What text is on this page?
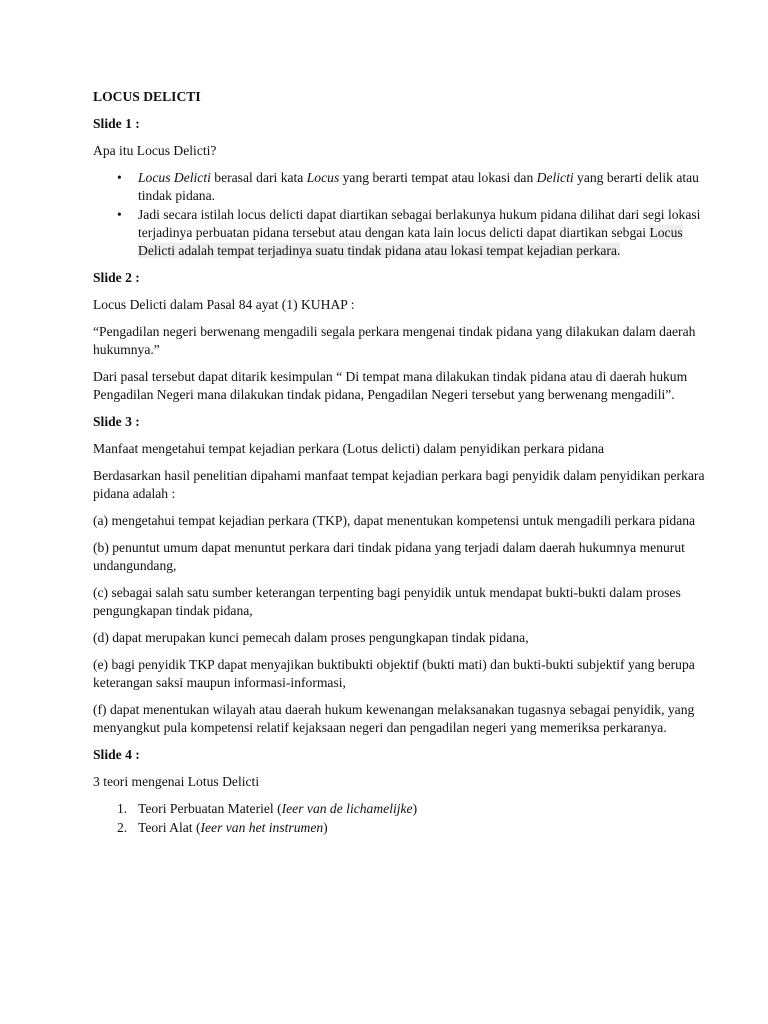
LOCUS DELICTI

Slide 1 :

Apa itu Locus Delicti?

• Locus Delicti berasal dari kata Locus yang berarti tempat atau lokasi dan Delicti yang berarti delik atau tindak pidana.
• Jadi secara istilah locus delicti dapat diartikan sebagai berlakunya hukum pidana dilihat dari segi lokasi terjadinya perbuatan pidana tersebut atau dengan kata lain locus delicti dapat diartikan sebgai Locus Delicti adalah tempat terjadinya suatu tindak pidana atau lokasi tempat kejadian perkara.

Slide 2 :

Locus Delicti dalam Pasal 84 ayat (1) KUHAP :

“Pengadilan negeri berwenang mengadili segala perkara mengenai tindak pidana yang dilakukan dalam daerah hukumnya.”

Dari pasal tersebut dapat ditarik kesimpulan “ Di tempat mana dilakukan tindak pidana atau di daerah hukum Pengadilan Negeri mana dilakukan tindak pidana, Pengadilan Negeri tersebut yang berwenang mengadili”.

Slide 3 :

Manfaat mengetahui tempat kejadian perkara (Lotus delicti) dalam penyidikan perkara pidana

Berdasarkan hasil penelitian dipahami manfaat tempat kejadian perkara bagi penyidik dalam penyidikan perkara pidana adalah :

(a) mengetahui tempat kejadian perkara (TKP), dapat menentukan kompetensi untuk mengadili perkara pidana

(b) penuntut umum dapat menuntut perkara dari tindak pidana yang terjadi dalam daerah hukumnya menurut undangundang,

(c) sebagai salah satu sumber keterangan terpenting bagi penyidik untuk mendapat bukti-bukti dalam proses pengungkapan tindak pidana,

(d) dapat merupakan kunci pemecah dalam proses pengungkapan tindak pidana,

(e) bagi penyidik TKP dapat menyajikan buktibukti objektif (bukti mati) dan bukti-bukti subjektif yang berupa keterangan saksi maupun informasi-informasi,

(f) dapat menentukan wilayah atau daerah hukum kewenangan melaksanakan tugasnya sebagai penyidik, yang menyangkut pula kompetensi relatif kejaksaan negeri dan pengadilan negeri yang memeriksa perkaranya.

Slide 4 :

3 teori mengenai Lotus Delicti

1. Teori Perbuatan Materiel (Ieer van de lichamelijke)
2. Teori Alat (Ieer van het instrumen)
